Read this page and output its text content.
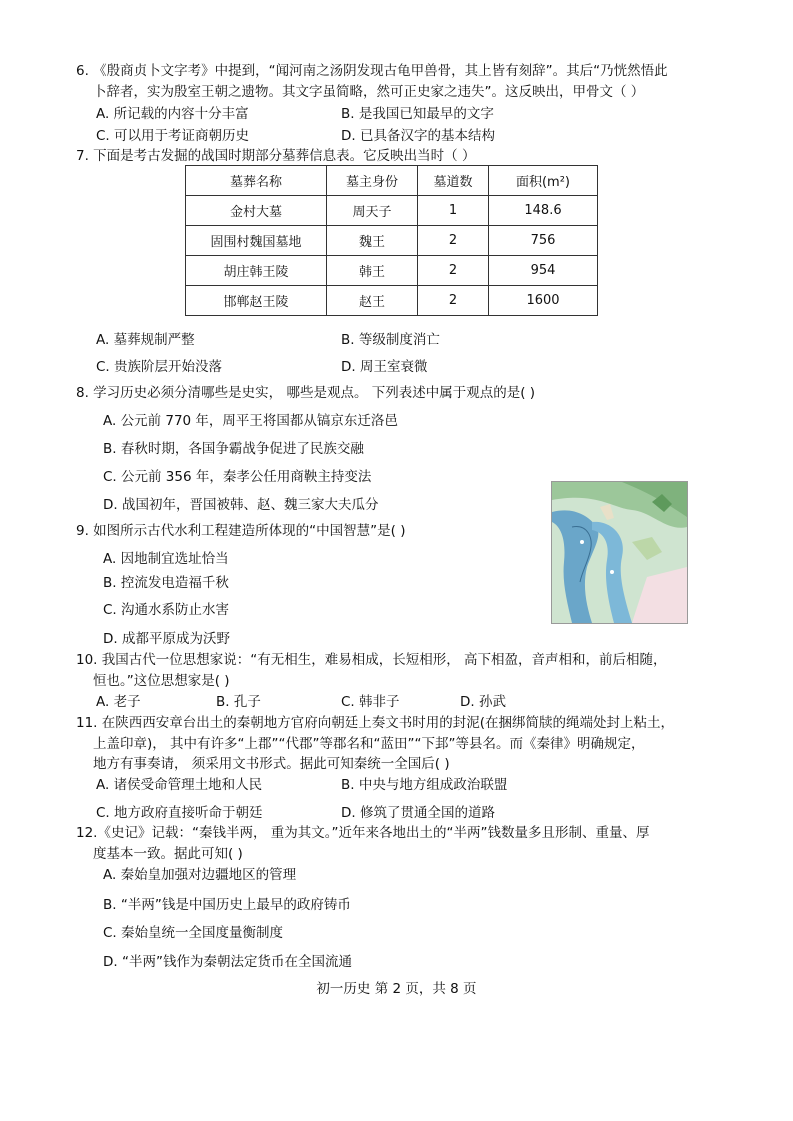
6. 《殷商贞卜文字考》中提到，“闻河南之汤阴发现古龟甲兽骨，其上皆有刻辞”。其后“乃恍然悟此
卜辞者，实为殷室王朝之遗物。其文字虽简略，然可正史家之违失”。这反映出，甲骨文（ ）
A. 所记载的内容十分丰富	B. 是我国已知最早的文字
C. 可以用于考证商朝历史	D. 已具备汉字的基本结构
7. 下面是考古发掘的战国时期部分墓葬信息表。它反映出当时（ ）
墓葬名称	墓主身份	墓道数	面积(m²)
金村大墓	周天子	1	148.6
固围村魏国墓地	魏王	2	756
胡庄韩王陵	韩王	2	954
邯郸赵王陵	赵王	2	1600
A. 墓葬规制严整	B. 等级制度消亡
C. 贵族阶层开始没落	D. 周王室衰微
8. 学习历史必须分清哪些是史实， 哪些是观点。 下列表述中属于观点的是( )
A. 公元前 770 年，周平王将国都从镐京东迁洛邑
B. 春秋时期，各国争霸战争促进了民族交融
C. 公元前 356 年，秦孝公任用商鞅主持变法
D. 战国初年，晋国被韩、赵、魏三家大夫瓜分
9. 如图所示古代水利工程建造所体现的“中国智慧”是( )
A. 因地制宜选址恰当
B. 控流发电造福千秋
C. 沟通水系防止水害
D. 成都平原成为沃野
10. 我国古代一位思想家说：“有无相生，难易相成，长短相形， 高下相盈，音声相和，前后相随，
恒也。”这位思想家是( )
A. 老子	B. 孔子	C. 韩非子	D. 孙武
11. 在陕西西安章台出土的秦朝地方官府向朝廷上奏文书时用的封泥(在捆绑简牍的绳端处封上粘土，
上盖印章)， 其中有许多“上郡”“代郡”等郡名和“蓝田”“下邽”等县名。而《秦律》明确规定，
地方有事奏请， 须采用文书形式。据此可知秦统一全国后( )
A. 诸侯受命管理土地和人民	B. 中央与地方组成政治联盟
C. 地方政府直接听命于朝廷	D. 修筑了贯通全国的道路
12.《史记》记载：“秦钱半两， 重为其文。”近年来各地出土的“半两”钱数量多且形制、重量、厚
度基本一致。据此可知( )
A. 秦始皇加强对边疆地区的管理
B. “半两”钱是中国历史上最早的政府铸币
C. 秦始皇统一全国度量衡制度
D. “半两”钱作为秦朝法定货币在全国流通
初一历史 第 2 页，共 8 页
